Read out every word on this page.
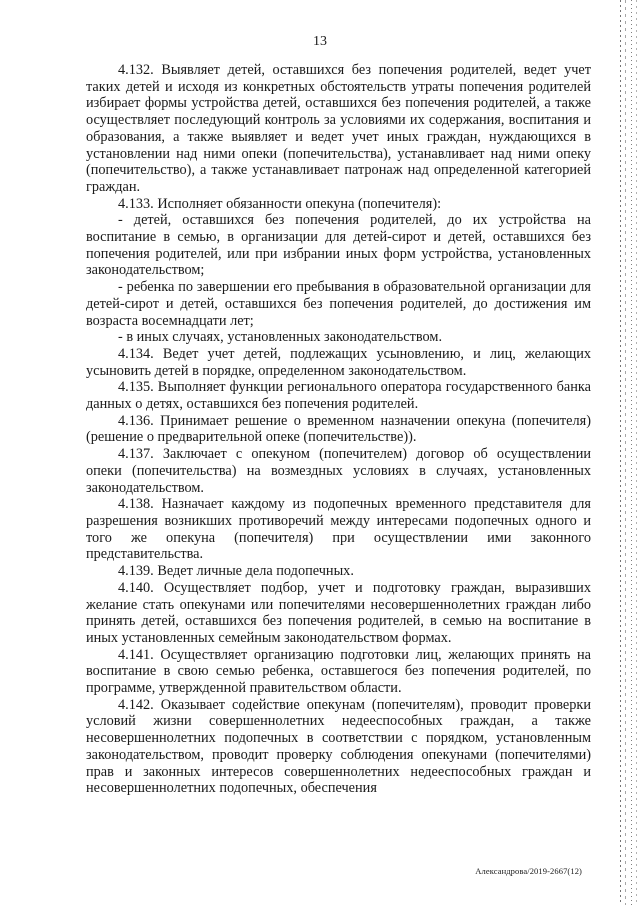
13

4.132. Выявляет детей, оставшихся без попечения родителей, ведет учет таких детей и исходя из конкретных обстоятельств утраты попечения родителей избирает формы устройства детей, оставшихся без попечения родителей, а также осуществляет последующий контроль за условиями их содержания, воспитания и образования, а также выявляет и ведет учет иных граждан, нуждающихся в установлении над ними опеки (попечительства), устанавливает над ними опеку (попечительство), а также устанавливает патронаж над определенной категорией граждан.

4.133. Исполняет обязанности опекуна (попечителя):

- детей, оставшихся без попечения родителей, до их устройства на воспитание в семью, в организации для детей-сирот и детей, оставшихся без попечения родителей, или при избрании иных форм устройства, установленных законодательством;

- ребенка по завершении его пребывания в образовательной организации для детей-сирот и детей, оставшихся без попечения родителей, до достижения им возраста восемнадцати лет;

- в иных случаях, установленных законодательством.

4.134. Ведет учет детей, подлежащих усыновлению, и лиц, желающих усыновить детей в порядке, определенном законодательством.

4.135. Выполняет функции регионального оператора государственного банка данных о детях, оставшихся без попечения родителей.

4.136. Принимает решение о временном назначении опекуна (попечителя) (решение о предварительной опеке (попечительстве)).

4.137. Заключает с опекуном (попечителем) договор об осуществлении опеки (попечительства) на возмездных условиях в случаях, установленных законодательством.

4.138. Назначает каждому из подопечных временного представителя для разрешения возникших противоречий между интересами подопечных одного и того же опекуна (попечителя) при осуществлении ими законного представительства.

4.139. Ведет личные дела подопечных.

4.140. Осуществляет подбор, учет и подготовку граждан, выразивших желание стать опекунами или попечителями несовершеннолетних граждан либо принять детей, оставшихся без попечения родителей, в семью на воспитание в иных установленных семейным законодательством формах.

4.141. Осуществляет организацию подготовки лиц, желающих принять на воспитание в свою семью ребенка, оставшегося без попечения родителей, по программе, утвержденной правительством области.

4.142. Оказывает содействие опекунам (попечителям), проводит проверки условий жизни совершеннолетних недееспособных граждан, а также несовершеннолетних подопечных в соответствии с порядком, установленным законодательством, проводит проверку соблюдения опекунами (попечителями) прав и законных интересов совершеннолетних недееспособных граждан и несовершеннолетних подопечных, обеспечения

Александрова/2019-2667(12)
